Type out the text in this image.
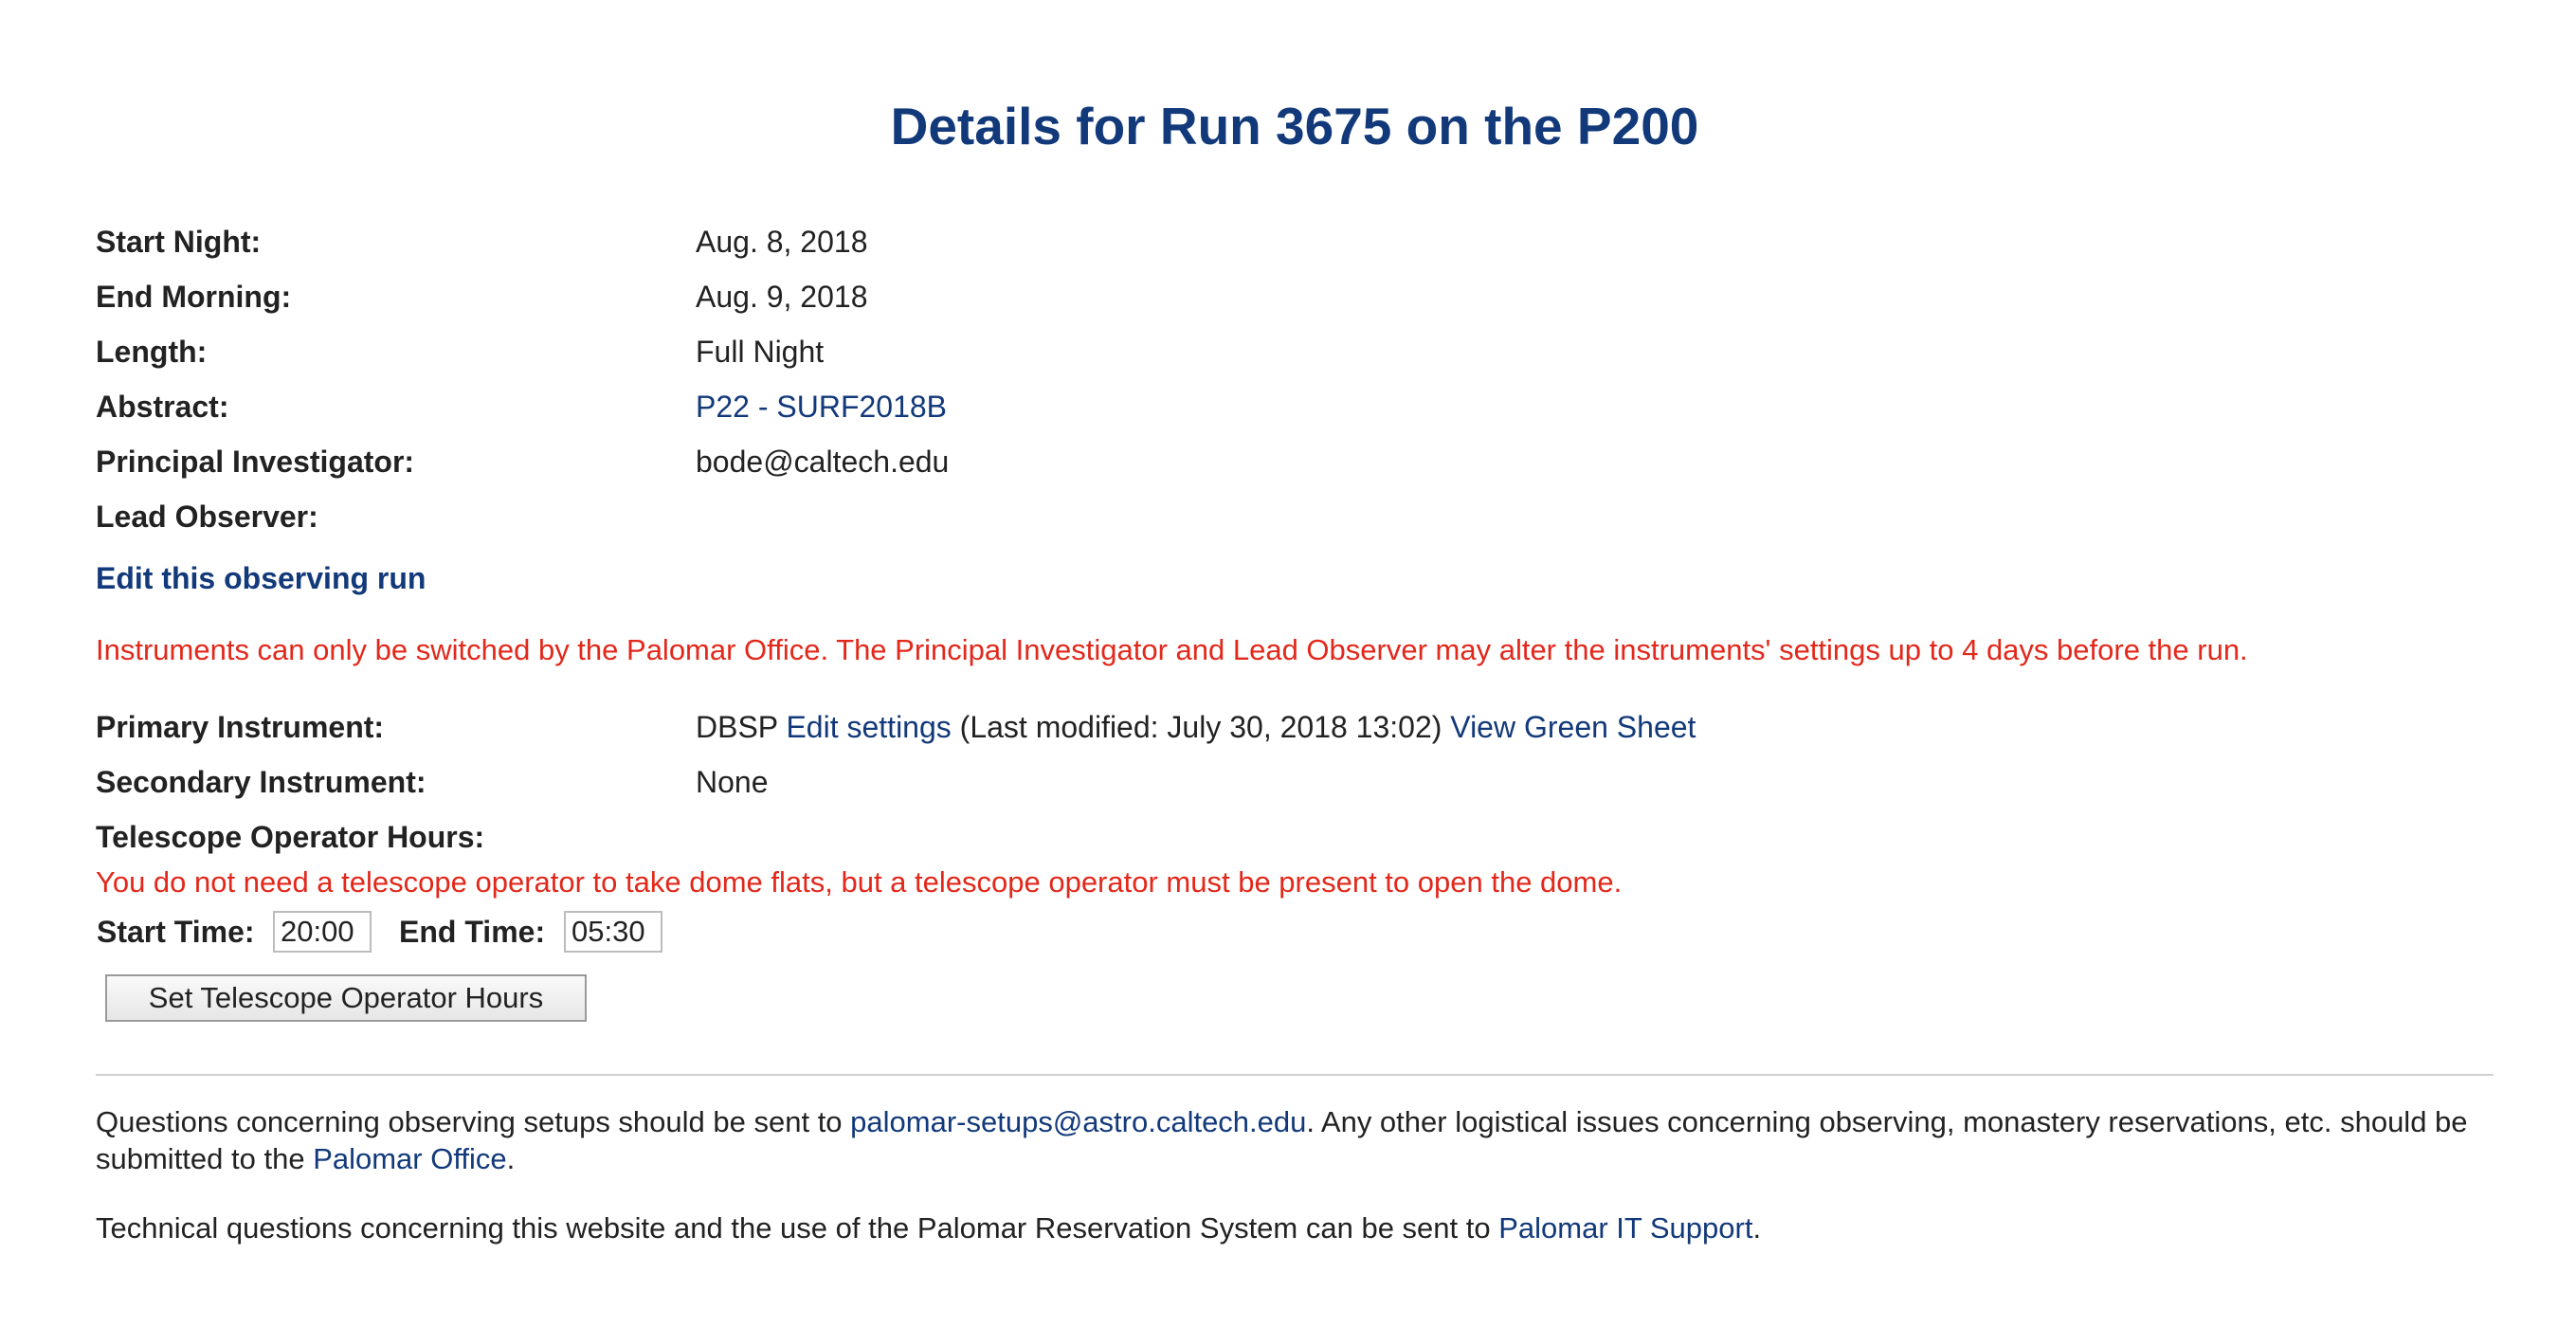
Details for Run 3675 on the P200
Start Night:	Aug. 8, 2018
End Morning:	Aug. 9, 2018
Length:	Full Night
Abstract:	P22 - SURF2018B
Principal Investigator:	bode@caltech.edu
Lead Observer:
Edit this observing run
Instruments can only be switched by the Palomar Office. The Principal Investigator and Lead Observer may alter the instruments' settings up to 4 days before the run.
Primary Instrument:	DBSP Edit settings (Last modified: July 30, 2018 13:02) View Green Sheet
Secondary Instrument:	None
Telescope Operator Hours:
You do not need a telescope operator to take dome flats, but a telescope operator must be present to open the dome.
Start Time:
20:00	End Time:
05:30
Set Telescope Operator Hours
Questions concerning observing setups should be sent to palomar-setups@astro.caltech.edu. Any other logistical issues concerning observing, monastery reservations, etc. should be submitted to the Palomar Office.
Technical questions concerning this website and the use of the Palomar Reservation System can be sent to Palomar IT Support.
